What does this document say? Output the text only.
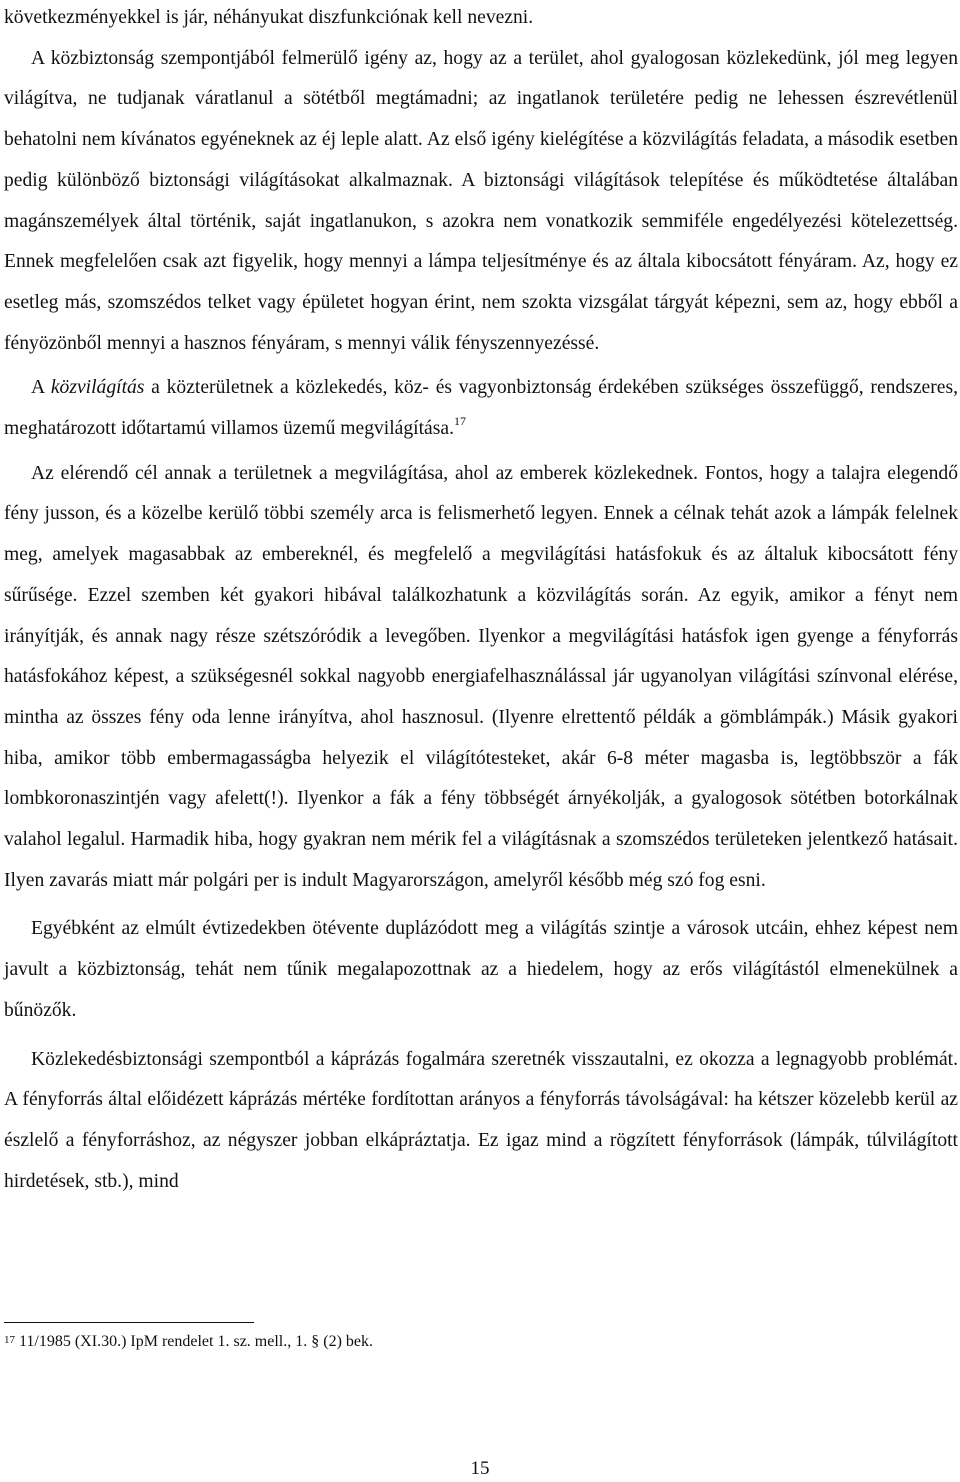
következményekkel is jár, néhányukat diszfunkciónak kell nevezni.

A közbiztonság szempontjából felmerülő igény az, hogy az a terület, ahol gyalogosan közlekedünk, jól meg legyen világítva, ne tudjanak váratlanul a sötétből megtámadni; az ingatlanok területére pedig ne lehessen észrevétlenül behatolni nem kívánatos egyéneknek az éj leple alatt. Az első igény kielégítése a közvilágítás feladata, a második esetben pedig különböző biztonsági világításokat alkalmaznak. A biztonsági világítások telepítése és működtetése általában magánszemélyek által történik, saját ingatlanukon, s azokra nem vonatkozik semmiféle engedélyezési kötelezettség. Ennek megfelelően csak azt figyelik, hogy mennyi a lámpa teljesítménye és az általa kibocsátott fényáram. Az, hogy ez esetleg más, szomszédos telket vagy épületet hogyan érint, nem szokta vizsgálat tárgyát képezni, sem az, hogy ebből a fényözönből mennyi a hasznos fényáram, s mennyi válik fényszennyezéssé.

A közvilágítás a közterületnek a közlekedés, köz- és vagyonbiztonság érdekében szükséges összefüggő, rendszeres, meghatározott időtartamú villamos üzemű megvilágítása.$^{17}$

Az elérendő cél annak a területnek a megvilágítása, ahol az emberek közlekednek. Fontos, hogy a talajra elegendő fény jusson, és a közelbe kerülő többi személy arca is felismerhető legyen. Ennek a célnak tehát azok a lámpák felelnek meg, amelyek magasabbak az embereknél, és megfelelő a megvilágítási hatásfokuk és az általuk kibocsátott fény sűrűsége. Ezzel szemben két gyakori hibával találkozhatunk a közvilágítás során. Az egyik, amikor a fényt nem irányítják, és annak nagy része szétszóródik a levegőben. Ilyenkor a megvilágítási hatásfok igen gyenge a fényforrás hatásfokához képest, a szükségesnél sokkal nagyobb energiafelhasználással jár ugyanolyan világítási színvonal elérése, mintha az összes fény oda lenne irányítva, ahol hasznosul. (Ilyenre elrettentő példák a gömblámpák.) Másik gyakori hiba, amikor több embermagasságba helyezik el világítótesteket, akár 6-8 méter magasba is, legtöbbször a fák lombkoronaszintjén vagy afelett(!). Ilyenkor a fák a fény többségét árnyékolják, a gyalogosok sötétben botorkálnak valahol legalul. Harmadik hiba, hogy gyakran nem mérik fel a világításnak a szomszédos területeken jelentkező hatásait. Ilyen zavarás miatt már polgári per is indult Magyarországon, amelyről később még szó fog esni.

Egyébként az elmúlt évtizedekben ötévente duplázódott meg a világítás szintje a városok utcáin, ehhez képest nem javult a közbiztonság, tehát nem tűnik megalapozottnak az a hiedelem, hogy az erős világítástól elmenekülnek a bűnözők.

Közlekedésbiztonsági szempontból a káprázás fogalmára szeretnék visszautalni, ez okozza a legnagyobb problémát. A fényforrás által előidézett káprázás mértéke fordítottan arányos a fényforrás távolságával: ha kétszer közelebb kerül az észlelő a fényforráshoz, az négyszer jobban elkápráztatja. Ez igaz mind a rögzített fényforrások (lámpák, túlvilágított hirdetések, stb.), mind

17 11/1985 (XI.30.) IpM rendelet 1. sz. mell., 1. § (2) bek.
15
